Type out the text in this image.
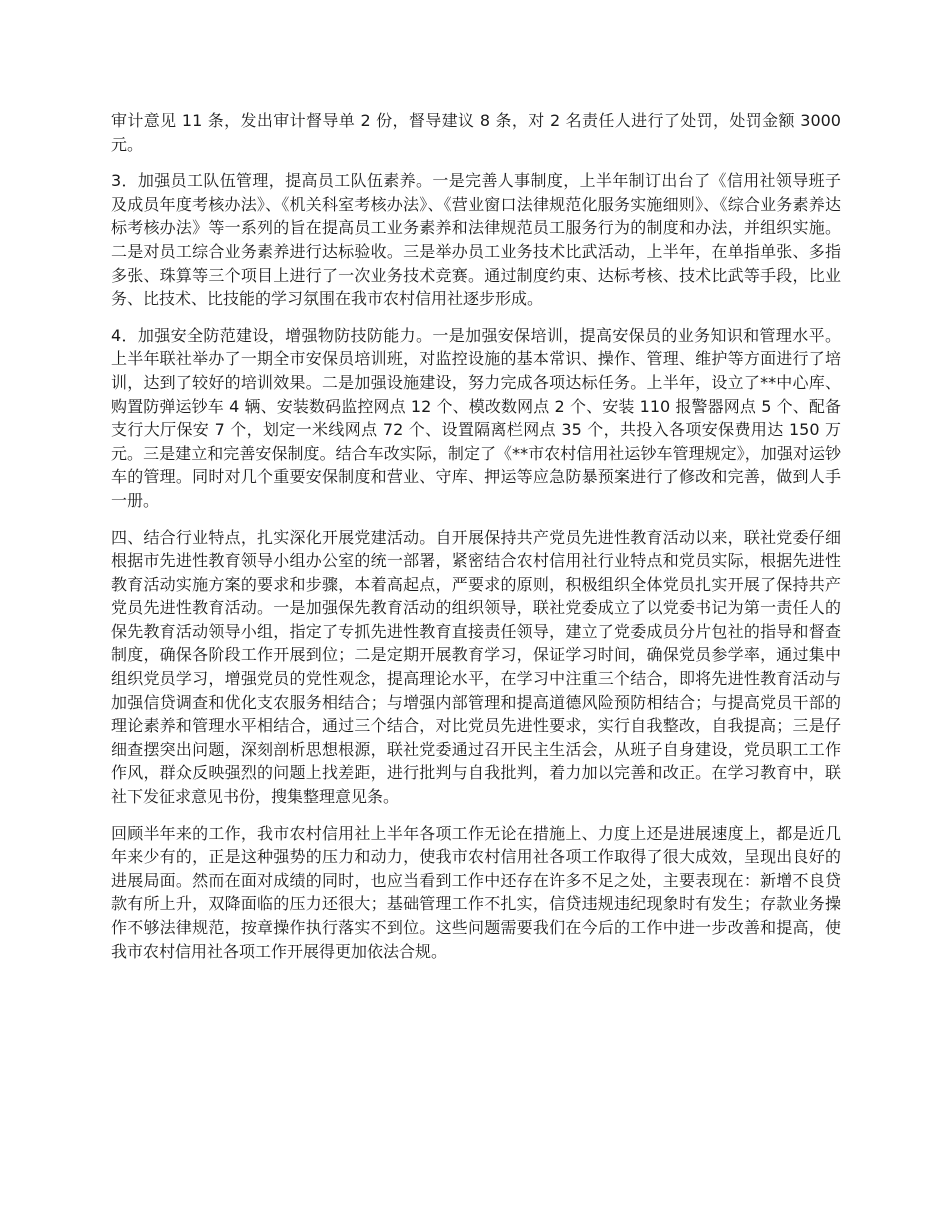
审计意见 11 条，发出审计督导单 2 份，督导建议 8 条，对 2 名责任人进行了处罚，处罚金额 3000 元。

3．加强员工队伍管理，提高员工队伍素养。一是完善人事制度，上半年制订出台了《信用社领导班子及成员年度考核办法》、《机关科室考核办法》、《营业窗口法律规范化服务实施细则》、《综合业务素养达标考核办法》等一系列的旨在提高员工业务素养和法律规范员工服务行为的制度和办法，并组织实施。二是对员工综合业务素养进行达标验收。三是举办员工业务技术比武活动，上半年，在单指单张、多指多张、珠算等三个项目上进行了一次业务技术竞赛。通过制度约束、达标考核、技术比武等手段，比业务、比技术、比技能的学习氛围在我市农村信用社逐步形成。

4．加强安全防范建设，增强物防技防能力。一是加强安保培训，提高安保员的业务知识和管理水平。上半年联社举办了一期全市安保员培训班，对监控设施的基本常识、操作、管理、维护等方面进行了培训，达到了较好的培训效果。二是加强设施建设，努力完成各项达标任务。上半年，设立了**中心库、购置防弹运钞车 4 辆、安装数码监控网点 12 个、模改数网点 2 个、安装 110 报警器网点 5 个、配备支行大厅保安 7 个，划定一米线网点 72 个、设置隔离栏网点 35 个，共投入各项安保费用达 150 万元。三是建立和完善安保制度。结合车改实际，制定了《**市农村信用社运钞车管理规定》，加强对运钞车的管理。同时对几个重要安保制度和营业、守库、押运等应急防暴预案进行了修改和完善，做到人手一册。

四、结合行业特点，扎实深化开展党建活动。自开展保持共产党员先进性教育活动以来，联社党委仔细根据市先进性教育领导小组办公室的统一部署，紧密结合农村信用社行业特点和党员实际，根据先进性教育活动实施方案的要求和步骤，本着高起点，严要求的原则，积极组织全体党员扎实开展了保持共产党员先进性教育活动。一是加强保先教育活动的组织领导，联社党委成立了以党委书记为第一责任人的保先教育活动领导小组，指定了专抓先进性教育直接责任领导，建立了党委成员分片包社的指导和督查制度，确保各阶段工作开展到位；二是定期开展教育学习，保证学习时间，确保党员参学率，通过集中组织党员学习，增强党员的党性观念，提高理论水平，在学习中注重三个结合，即将先进性教育活动与加强信贷调查和优化支农服务相结合；与增强内部管理和提高道德风险预防相结合；与提高党员干部的理论素养和管理水平相结合，通过三个结合，对比党员先进性要求，实行自我整改，自我提高；三是仔细查摆突出问题，深刻剖析思想根源，联社党委通过召开民主生活会，从班子自身建设，党员职工工作作风，群众反映强烈的问题上找差距，进行批判与自我批判，着力加以完善和改正。在学习教育中，联社下发征求意见书份，搜集整理意见条。

回顾半年来的工作，我市农村信用社上半年各项工作无论在措施上、力度上还是进展速度上，都是近几年来少有的，正是这种强势的压力和动力，使我市农村信用社各项工作取得了很大成效，呈现出良好的进展局面。然而在面对成绩的同时，也应当看到工作中还存在许多不足之处，主要表现在：新增不良贷款有所上升，双降面临的压力还很大；基础管理工作不扎实，信贷违规违纪现象时有发生；存款业务操作不够法律规范，按章操作执行落实不到位。这些问题需要我们在今后的工作中进一步改善和提高，使我市农村信用社各项工作开展得更加依法合规。
